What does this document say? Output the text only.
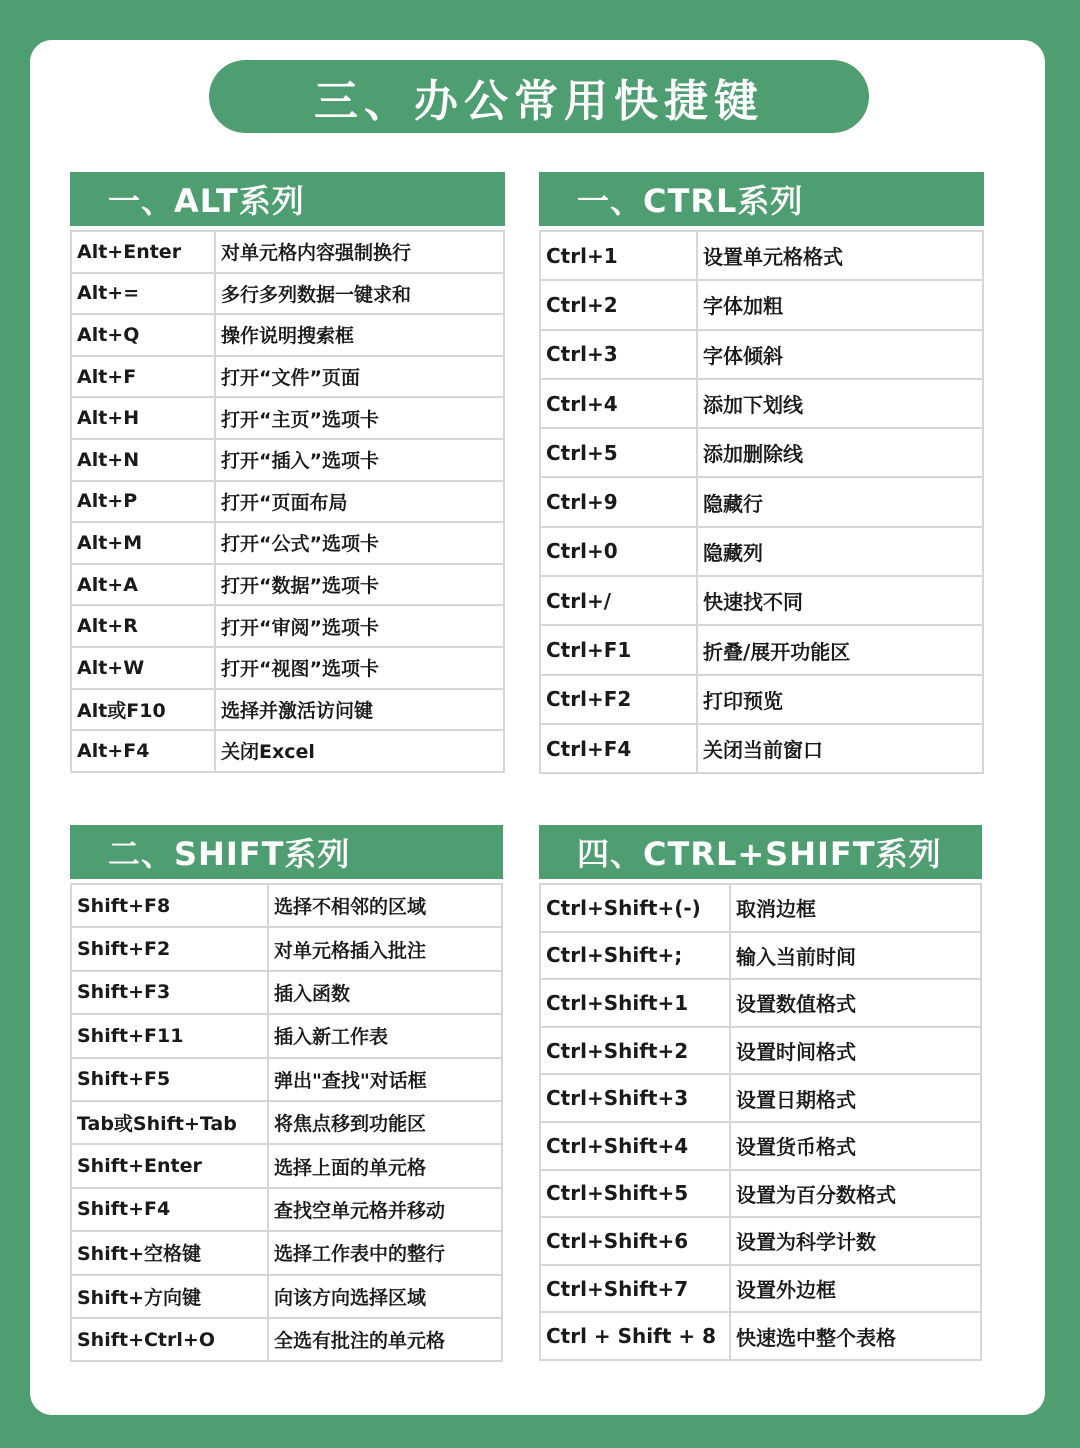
三、办公常用快捷键
一、ALT系列
Alt+Enter	对单元格内容强制换行
Alt+=	多行多列数据一键求和
Alt+Q	操作说明搜索框
Alt+F	打开“文件”页面
Alt+H	打开“主页”选项卡
Alt+N	打开“插入”选项卡
Alt+P	打开“页面布局
Alt+M	打开“公式”选项卡
Alt+A	打开“数据”选项卡
Alt+R	打开“审阅”选项卡
Alt+W	打开“视图”选项卡
Alt或F10	选择并激活访问键
Alt+F4	关闭Excel
一、CTRL系列
Ctrl+1	设置单元格格式
Ctrl+2	字体加粗
Ctrl+3	字体倾斜
Ctrl+4	添加下划线
Ctrl+5	添加删除线
Ctrl+9	隐藏行
Ctrl+0	隐藏列
Ctrl+/	快速找不同
Ctrl+F1	折叠/展开功能区
Ctrl+F2	打印预览
Ctrl+F4	关闭当前窗口
二、SHIFT系列
Shift+F8	选择不相邻的区域
Shift+F2	对单元格插入批注
Shift+F3	插入函数
Shift+F11	插入新工作表
Shift+F5	弹出"查找"对话框
Tab或Shift+Tab	将焦点移到功能区
Shift+Enter	选择上面的单元格
Shift+F4	查找空单元格并移动
Shift+空格键	选择工作表中的整行
Shift+方向键	向该方向选择区域
Shift+Ctrl+O	全选有批注的单元格
四、CTRL+SHIFT系列
Ctrl+Shift+(-)	取消边框
Ctrl+Shift+;	输入当前时间
Ctrl+Shift+1	设置数值格式
Ctrl+Shift+2	设置时间格式
Ctrl+Shift+3	设置日期格式
Ctrl+Shift+4	设置货币格式
Ctrl+Shift+5	设置为百分数格式
Ctrl+Shift+6	设置为科学计数
Ctrl+Shift+7	设置外边框
Ctrl + Shift + 8	快速选中整个表格
